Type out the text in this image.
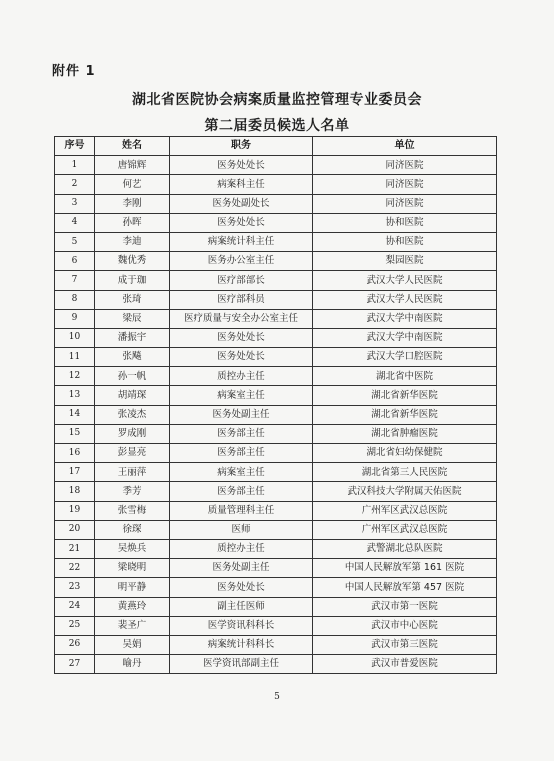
附件 1
湖北省医院协会病案质量监控管理专业委员会
第二届委员候选人名单
序号	姓名	职务	单位
1	唐锦辉	医务处处长	同济医院
2	何艺	病案科主任	同济医院
3	李刚	医务处副处长	同济医院
4	孙晖	医务处处长	协和医院
5	李迪	病案统计科主任	协和医院
6	魏优秀	医务办公室主任	梨园医院
7	成于珈	医疗部部长	武汉大学人民医院
8	张琦	医疗部科员	武汉大学人民医院
9	梁辰	医疗质量与安全办公室主任	武汉大学中南医院
10	潘振宇	医务处处长	武汉大学中南医院
11	张飚	医务处处长	武汉大学口腔医院
12	孙一帆	质控办主任	湖北省中医院
13	胡靖琛	病案室主任	湖北省新华医院
14	张凌杰	医务处副主任	湖北省新华医院
15	罗成刚	医务部主任	湖北省肿瘤医院
16	彭显亮	医务部主任	湖北省妇幼保健院
17	王丽萍	病案室主任	湖北省第三人民医院
18	季芳	医务部主任	武汉科技大学附属天佑医院
19	张雪梅	质量管理科主任	广州军区武汉总医院
20	徐琛	医师	广州军区武汉总医院
21	吴焕兵	质控办主任	武警湖北总队医院
22	梁晓明	医务处副主任	中国人民解放军第 161 医院
23	明平静	医务处处长	中国人民解放军第 457 医院
24	黄燕玲	副主任医师	武汉市第一医院
25	裴圣广	医学资讯科科长	武汉市中心医院
26	吴娟	病案统计科科长	武汉市第三医院
27	喻丹	医学资讯部副主任	武汉市普爱医院
5
